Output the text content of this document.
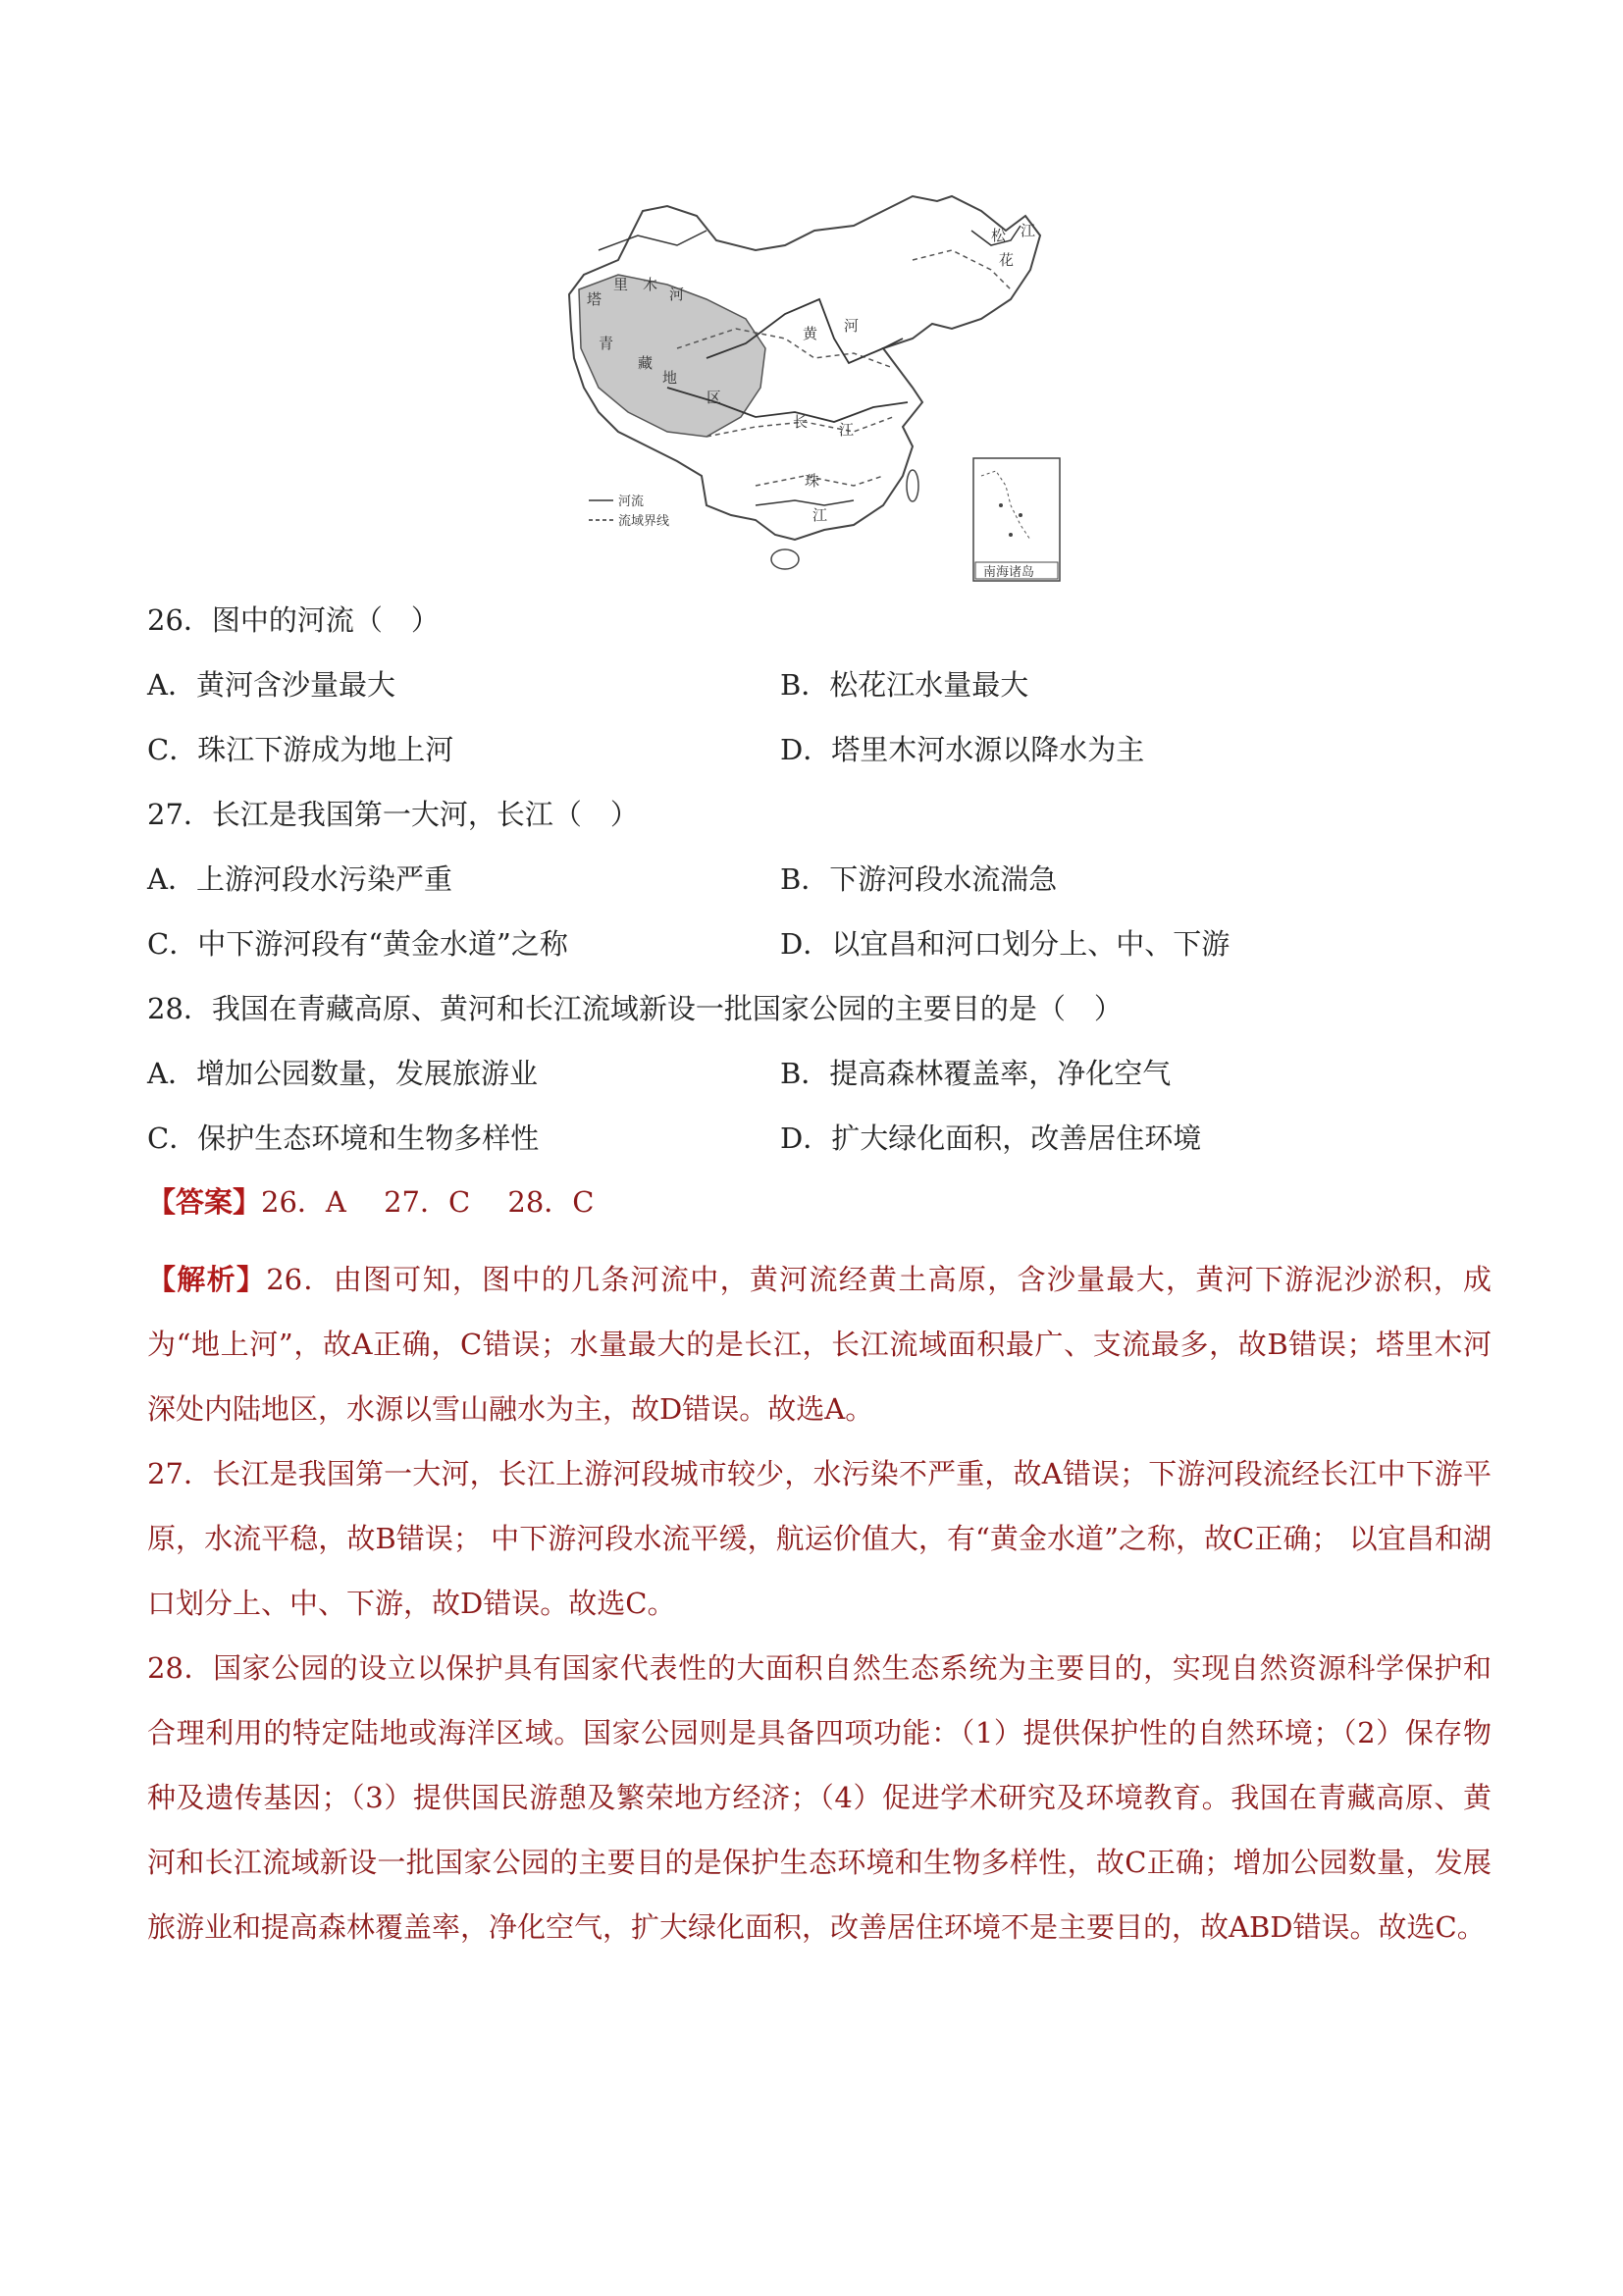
塔
里 木
河
松
花
江
青
藏
地
区
黄 河
长 江
珠
江
河流
流域界线
南海诸岛
26．图中的河流（　）
A．黄河含沙量最大	B．松花江水量最大
C．珠江下游成为地上河	D．塔里木河水源以降水为主
27．长江是我国第一大河，长江（　）
A．上游河段水污染严重	B．下游河段水流湍急
C．中下游河段有“黄金水道”之称	D．以宜昌和河口划分上、中、下游
28．我国在青藏高原、黄河和长江流域新设一批国家公园的主要目的是（　）
A．增加公园数量，发展旅游业	B．提高森林覆盖率，净化空气
C．保护生态环境和生物多样性	D．扩大绿化面积，改善居住环境
【答案】26．A　 27．C　 28．C

【解析】26．由图可知，图中的几条河流中，黄河流经黄土高原，含沙量最大，黄河下游泥沙淤积，成为“地上河”，故A正确，C错误；水量最大的是长江，长江流域面积最广、支流最多，故B错误；塔里木河深处内陆地区，水源以雪山融水为主，故D错误。故选A。

27．长江是我国第一大河，长江上游河段城市较少，水污染不严重，故A错误；下游河段流经长江中下游平原，水流平稳，故B错误； 中下游河段水流平缓，航运价值大，有“黄金水道”之称，故C正确； 以宜昌和湖口划分上、中、下游，故D错误。故选C。

28．国家公园的设立以保护具有国家代表性的大面积自然生态系统为主要目的，实现自然资源科学保护和合理利用的特定陆地或海洋区域。国家公园则是具备四项功能：（1）提供保护性的自然环境；（2）保存物种及遗传基因；（3）提供国民游憩及繁荣地方经济；（4）促进学术研究及环境教育。我国在青藏高原、黄河和长江流域新设一批国家公园的主要目的是保护生态环境和生物多样性，故C正确；增加公园数量，发展旅游业和提高森林覆盖率，净化空气，扩大绿化面积，改善居住环境不是主要目的，故ABD错误。故选C。
